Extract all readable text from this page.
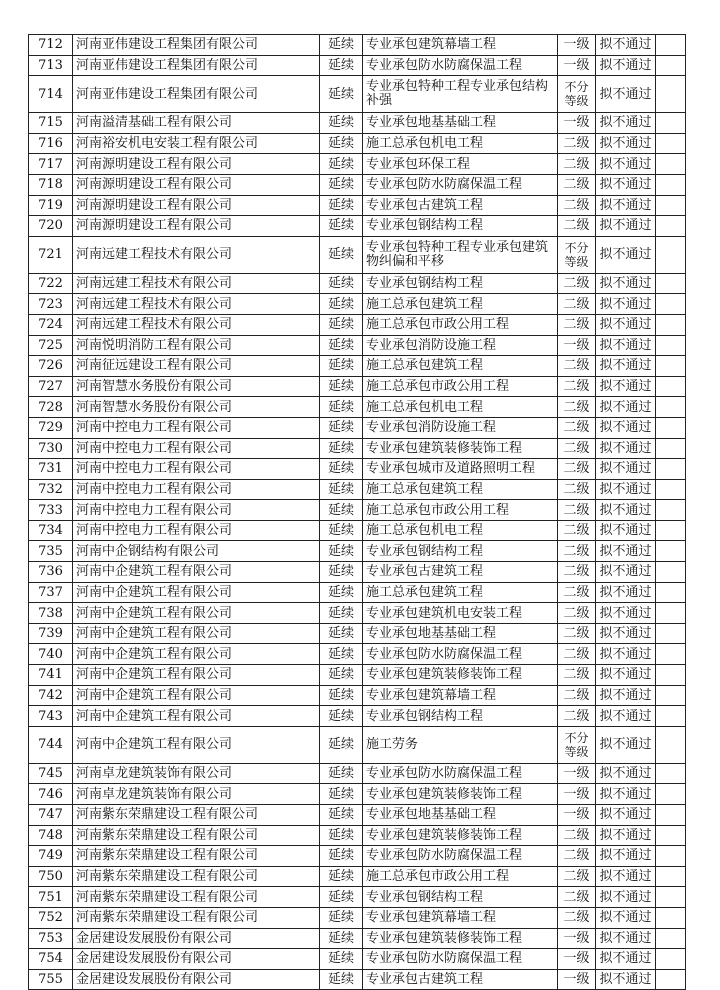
712	河南亚伟建设工程集团有限公司	延续	专业承包建筑幕墙工程	一级	拟不通过	
713	河南亚伟建设工程集团有限公司	延续	专业承包防水防腐保温工程	一级	拟不通过	
714	河南亚伟建设工程集团有限公司	延续	专业承包特种工程专业承包结构补强	不分等级	拟不通过	
715	河南溢清基础工程有限公司	延续	专业承包地基基础工程	一级	拟不通过	
716	河南裕安机电安装工程有限公司	延续	施工总承包机电工程	二级	拟不通过	
717	河南源明建设工程有限公司	延续	专业承包环保工程	二级	拟不通过	
718	河南源明建设工程有限公司	延续	专业承包防水防腐保温工程	二级	拟不通过	
719	河南源明建设工程有限公司	延续	专业承包古建筑工程	二级	拟不通过	
720	河南源明建设工程有限公司	延续	专业承包钢结构工程	二级	拟不通过	
721	河南远建工程技术有限公司	延续	专业承包特种工程专业承包建筑物纠偏和平移	不分等级	拟不通过	
722	河南远建工程技术有限公司	延续	专业承包钢结构工程	二级	拟不通过	
723	河南远建工程技术有限公司	延续	施工总承包建筑工程	二级	拟不通过	
724	河南远建工程技术有限公司	延续	施工总承包市政公用工程	二级	拟不通过	
725	河南悦明消防工程有限公司	延续	专业承包消防设施工程	一级	拟不通过	
726	河南征远建设工程有限公司	延续	施工总承包建筑工程	二级	拟不通过	
727	河南智慧水务股份有限公司	延续	施工总承包市政公用工程	二级	拟不通过	
728	河南智慧水务股份有限公司	延续	施工总承包机电工程	二级	拟不通过	
729	河南中控电力工程有限公司	延续	专业承包消防设施工程	二级	拟不通过	
730	河南中控电力工程有限公司	延续	专业承包建筑装修装饰工程	二级	拟不通过	
731	河南中控电力工程有限公司	延续	专业承包城市及道路照明工程	二级	拟不通过	
732	河南中控电力工程有限公司	延续	施工总承包建筑工程	二级	拟不通过	
733	河南中控电力工程有限公司	延续	施工总承包市政公用工程	二级	拟不通过	
734	河南中控电力工程有限公司	延续	施工总承包机电工程	二级	拟不通过	
735	河南中企钢结构有限公司	延续	专业承包钢结构工程	二级	拟不通过	
736	河南中企建筑工程有限公司	延续	专业承包古建筑工程	二级	拟不通过	
737	河南中企建筑工程有限公司	延续	施工总承包建筑工程	二级	拟不通过	
738	河南中企建筑工程有限公司	延续	专业承包建筑机电安装工程	二级	拟不通过	
739	河南中企建筑工程有限公司	延续	专业承包地基基础工程	二级	拟不通过	
740	河南中企建筑工程有限公司	延续	专业承包防水防腐保温工程	二级	拟不通过	
741	河南中企建筑工程有限公司	延续	专业承包建筑装修装饰工程	二级	拟不通过	
742	河南中企建筑工程有限公司	延续	专业承包建筑幕墙工程	二级	拟不通过	
743	河南中企建筑工程有限公司	延续	专业承包钢结构工程	二级	拟不通过	
744	河南中企建筑工程有限公司	延续	施工劳务	不分等级	拟不通过	
745	河南卓龙建筑装饰有限公司	延续	专业承包防水防腐保温工程	一级	拟不通过	
746	河南卓龙建筑装饰有限公司	延续	专业承包建筑装修装饰工程	一级	拟不通过	
747	河南紫东荣鼎建设工程有限公司	延续	专业承包地基基础工程	一级	拟不通过	
748	河南紫东荣鼎建设工程有限公司	延续	专业承包建筑装修装饰工程	二级	拟不通过	
749	河南紫东荣鼎建设工程有限公司	延续	专业承包防水防腐保温工程	二级	拟不通过	
750	河南紫东荣鼎建设工程有限公司	延续	施工总承包市政公用工程	二级	拟不通过	
751	河南紫东荣鼎建设工程有限公司	延续	专业承包钢结构工程	二级	拟不通过	
752	河南紫东荣鼎建设工程有限公司	延续	专业承包建筑幕墙工程	二级	拟不通过	
753	金居建设发展股份有限公司	延续	专业承包建筑装修装饰工程	一级	拟不通过	
754	金居建设发展股份有限公司	延续	专业承包防水防腐保温工程	一级	拟不通过	
755	金居建设发展股份有限公司	延续	专业承包古建筑工程	一级	拟不通过	
